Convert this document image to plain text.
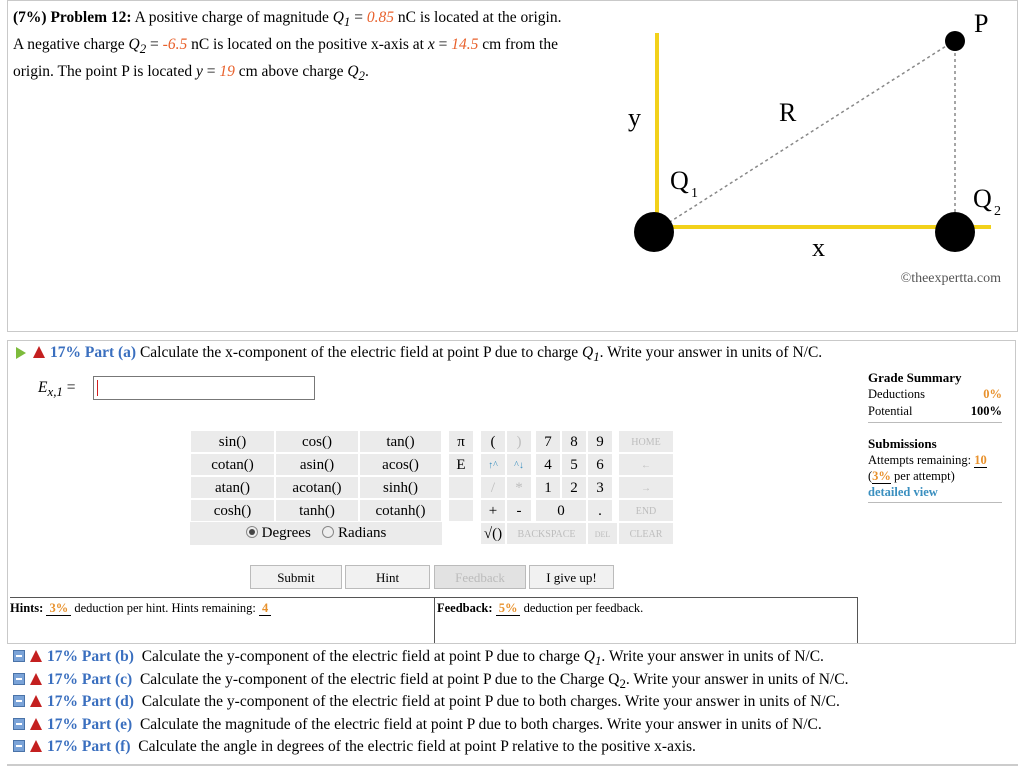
(7%) Problem 12: A positive charge of magnitude $Q_1 = 0.85$ nC is located at the origin.
A negative charge $Q_2 = -6.5$ nC is located on the positive x-axis at x = 14.5 cm from the
origin. The point P is located y = 19 cm above charge $Q_2$.
P
y	R
Q 1	Q 2
x
©theexpertta.com
17% Part (a) Calculate the x-component of the electric field at point P due to charge $Q_1$. Write your answer in units of N/C.
$E_{x,1}$ =
sin()	cos()	tan()
cotan()	asin()	acos()
atan()	acotan()	sinh()
cosh()	tanh()	cotanh()
Degrees Radians
π
E
(	)	7	8	9	HOME
↑^	^↓	4	5	6	←
/	*	1	2	3	→
+	-	0	.	END
√()	BACKSPACE	DEL	CLEAR
Submit	Hint	Feedback	I give up!
Hints: 3% deduction per hint. Hints remaining: 4	Feedback: 5% deduction per feedback.
Grade Summary
Deductions	0%
Potential	100%
Submissions
Attempts remaining: 10
(3% per attempt)
detailed view
17% Part (b) Calculate the y-component of the electric field at point P due to charge $Q_1$. Write your answer in units of N/C.
17% Part (c) Calculate the y-component of the electric field at point P due to the Charge $Q_2$. Write your answer in units of N/C.
17% Part (d) Calculate the y-component of the electric field at point P due to both charges. Write your answer in units of N/C.
17% Part (e) Calculate the magnitude of the electric field at point P due to both charges. Write your answer in units of N/C.
17% Part (f) Calculate the angle in degrees of the electric field at point P relative to the positive x-axis.
